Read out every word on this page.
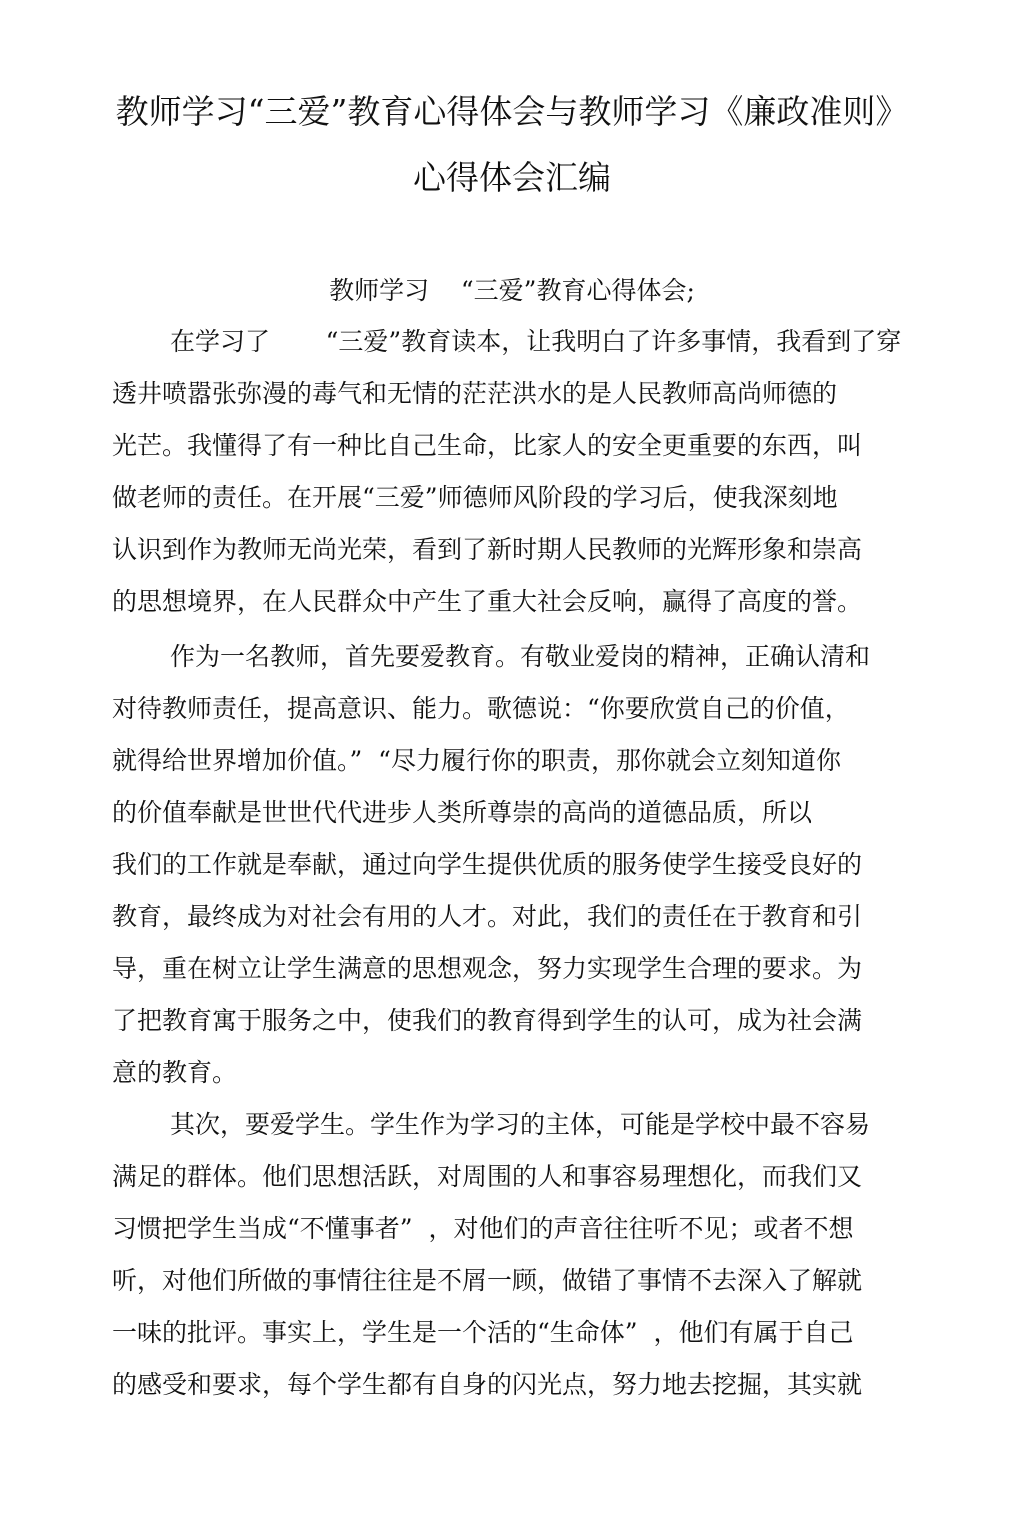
教师学习“三爱”教育心得体会与教师学习《廉政准则》
心得体会汇编
教师学习    “三爱”教育心得体会;
在学习了       “三爱”教育读本，让我明白了许多事情，我看到了穿
透井喷嚣张弥漫的毒气和无情的茫茫洪水的是人民教师高尚师德的
光芒。我懂得了有一种比自己生命，比家人的安全更重要的东西，叫
做老师的责任。在开展“三爱”师德师风阶段的学习后，使我深刻地
认识到作为教师无尚光荣，看到了新时期人民教师的光辉形象和崇高
的思想境界，在人民群众中产生了重大社会反响，赢得了高度的誉。
作为一名教师，首先要爱教育。有敬业爱岗的精神，正确认清和
对待教师责任，提高意识、能力。歌德说：“你要欣赏自己的价值，
就得给世界增加价值。”  “尽力履行你的职责，那你就会立刻知道你
的价值奉献是世世代代进步人类所尊崇的高尚的道德品质，所以
我们的工作就是奉献，通过向学生提供优质的服务使学生接受良好的
教育，最终成为对社会有用的人才。对此，我们的责任在于教育和引
导，重在树立让学生满意的思想观念，努力实现学生合理的要求。为
了把教育寓于服务之中，使我们的教育得到学生的认可，成为社会满
意的教育。
其次，要爱学生。学生作为学习的主体，可能是学校中最不容易
满足的群体。他们思想活跃，对周围的人和事容易理想化，而我们又
习惯把学生当成“不懂事者”  ，对他们的声音往往听不见；或者不想
听，对他们所做的事情往往是不屑一顾，做错了事情不去深入了解就
一味的批评。事实上，学生是一个活的“生命体”  ，他们有属于自己
的感受和要求，每个学生都有自身的闪光点，努力地去挖掘，其实就
